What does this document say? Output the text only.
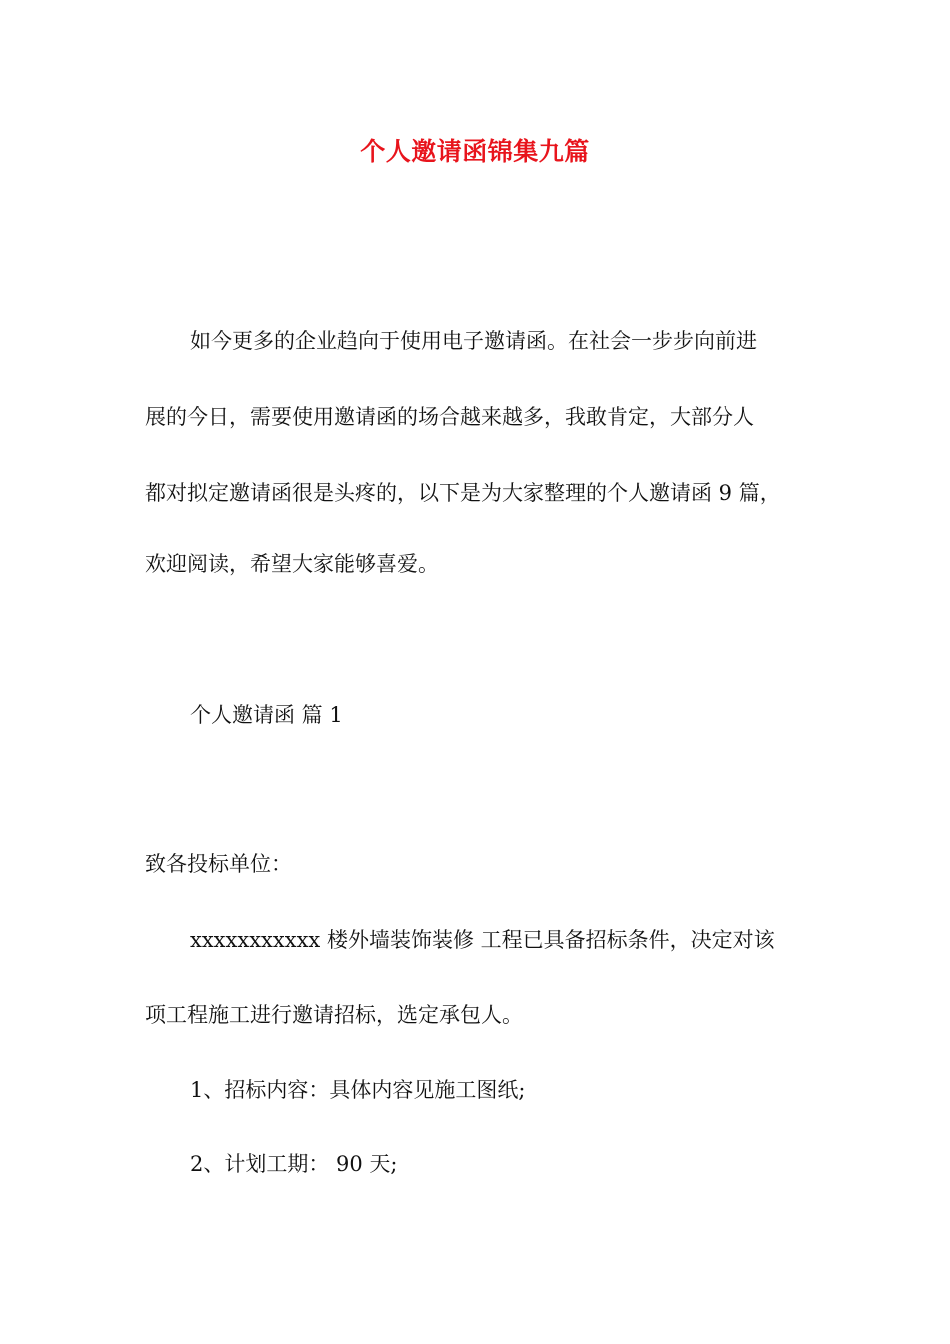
个人邀请函锦集九篇
如今更多的企业趋向于使用电子邀请函。在社会一步步向前进
展的今日，需要使用邀请函的场合越来越多，我敢肯定，大部分人
都对拟定邀请函很是头疼的，以下是为大家整理的个人邀请函 9 篇，
欢迎阅读，希望大家能够喜爱。
个人邀请函 篇 1
致各投标单位：
xxxxxxxxxxx 楼外墙装饰装修 工程已具备招标条件，决定对该
项工程施工进行邀请招标，选定承包人。
1、招标内容：具体内容见施工图纸;
2、计划工期： 90 天;
